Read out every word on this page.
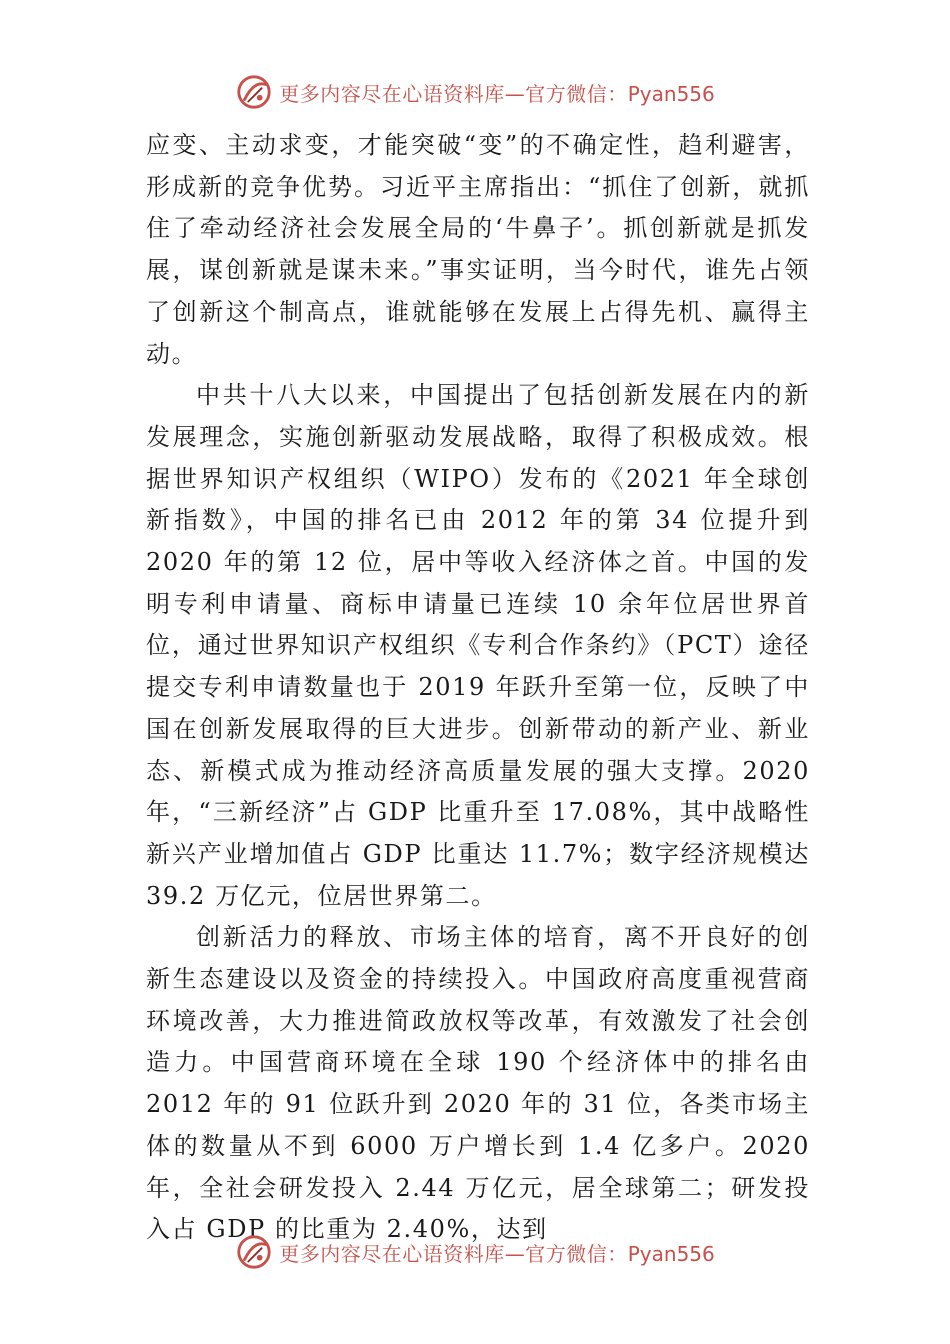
更多内容尽在心语资料库—官方微信：Pyan556

应变、主动求变，才能突破“变”的不确定性，趋利避害，形成新的竞争优势。习近平主席指出：“抓住了创新，就抓住了牵动经济社会发展全局的‘牛鼻子’。抓创新就是抓发展，谋创新就是谋未来。”事实证明，当今时代，谁先占领了创新这个制高点，谁就能够在发展上占得先机、赢得主动。

中共十八大以来，中国提出了包括创新发展在内的新发展理念，实施创新驱动发展战略，取得了积极成效。根据世界知识产权组织（WIPO）发布的《2021 年全球创新指数》，中国的排名已由 2012 年的第 34 位提升到 2020 年的第 12 位，居中等收入经济体之首。中国的发明专利申请量、商标申请量已连续 10 余年位居世界首位，通过世界知识产权组织《专利合作条约》（PCT）途径提交专利申请数量也于 2019 年跃升至第一位，反映了中国在创新发展取得的巨大进步。创新带动的新产业、新业态、新模式成为推动经济高质量发展的强大支撑。2020 年，“三新经济”占 GDP 比重升至 17.08%，其中战略性新兴产业增加值占 GDP 比重达 11.7%；数字经济规模达 39.2 万亿元，位居世界第二。

创新活力的释放、市场主体的培育，离不开良好的创新生态建设以及资金的持续投入。中国政府高度重视营商环境改善，大力推进简政放权等改革，有效激发了社会创造力。中国营商环境在全球 190 个经济体中的排名由 2012 年的 91 位跃升到 2020 年的 31 位，各类市场主体的数量从不到 6000 万户增长到 1.4 亿多户。2020 年，全社会研发投入 2.44 万亿元，居全球第二；研发投入占 GDP 的比重为 2.40%，达到

更多内容尽在心语资料库—官方微信：Pyan556
